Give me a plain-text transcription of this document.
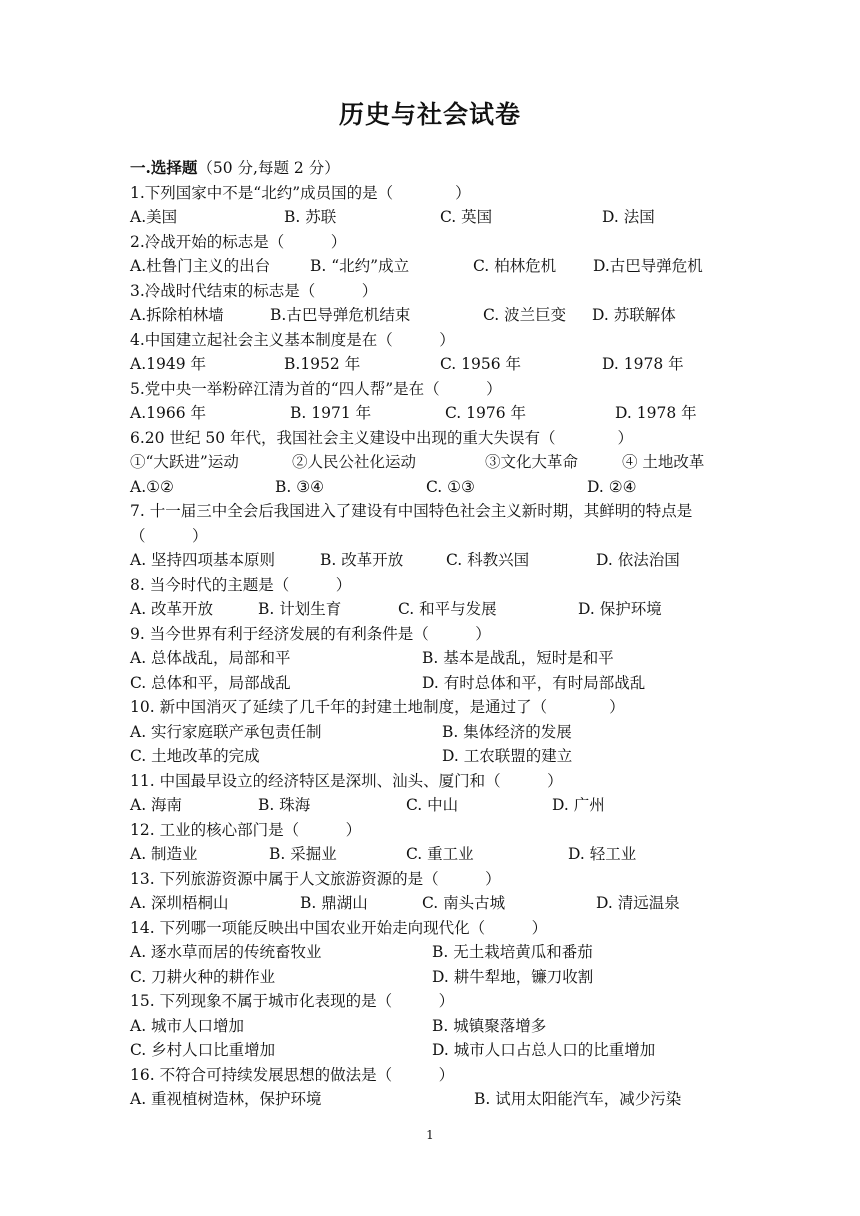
历史与社会试卷
一.选择题（50 分,每题 2 分）
1.下列国家中不是“北约”成员国的是（　　　　）
A.美国	B. 苏联	C. 英国	D. 法国
2.冷战开始的标志是（　　　）
A.杜鲁门主义的出台	B. “北约”成立	C. 柏林危机 D.古巴导弹危机
3.冷战时代结束的标志是（　　　）
A.拆除柏林墙	B.古巴导弹危机结束	C. 波兰巨变 D. 苏联解体
4.中国建立起社会主义基本制度是在（　　　）
A.1949 年	B.1952 年	C. 1956 年	D. 1978 年
5.党中央一举粉碎江清为首的“四人帮”是在（　　　）
A.1966 年	B. 1971 年	C. 1976 年	D. 1978 年
6.20 世纪 50 年代，我国社会主义建设中出现的重大失误有（　　　　）
①“大跃进”运动	②人民公社化运动	③文化大革命	④ 土地改革
A.①②	B. ③④	C. ①③	D. ②④
7. 十一届三中全会后我国进入了建设有中国特色社会主义新时期，其鲜明的特点是（　　　）
A. 坚持四项基本原则	B. 改革开放	C. 科教兴国	D. 依法治国
8. 当今时代的主题是（　　　）
A. 改革开放	B. 计划生育	C. 和平与发展	D. 保护环境
9. 当今世界有利于经济发展的有利条件是（　　　）
A. 总体战乱，局部和平	B. 基本是战乱，短时是和平
C. 总体和平，局部战乱	D. 有时总体和平，有时局部战乱
10. 新中国消灭了延续了几千年的封建土地制度，是通过了（　　　　）
A. 实行家庭联产承包责任制	B. 集体经济的发展
C. 土地改革的完成	D. 工农联盟的建立
11. 中国最早设立的经济特区是深圳、汕头、厦门和（　　　）
A. 海南	B. 珠海	C. 中山	D. 广州
12. 工业的核心部门是（　　　）
A. 制造业	B. 采掘业	C. 重工业	D. 轻工业
13. 下列旅游资源中属于人文旅游资源的是（　　　）
A. 深圳梧桐山	B. 鼎湖山	C. 南头古城	D. 清远温泉
14. 下列哪一项能反映出中国农业开始走向现代化（　　　）
A. 逐水草而居的传统畜牧业	B. 无土栽培黄瓜和番茄
C. 刀耕火种的耕作业	D. 耕牛犁地，镰刀收割
15. 下列现象不属于城市化表现的是（　　　）
A. 城市人口增加	B. 城镇聚落增多
C. 乡村人口比重增加	D. 城市人口占总人口的比重增加
16. 不符合可持续发展思想的做法是（　　　）
A. 重视植树造林，保护环境	B. 试用太阳能汽车，减少污染
1
